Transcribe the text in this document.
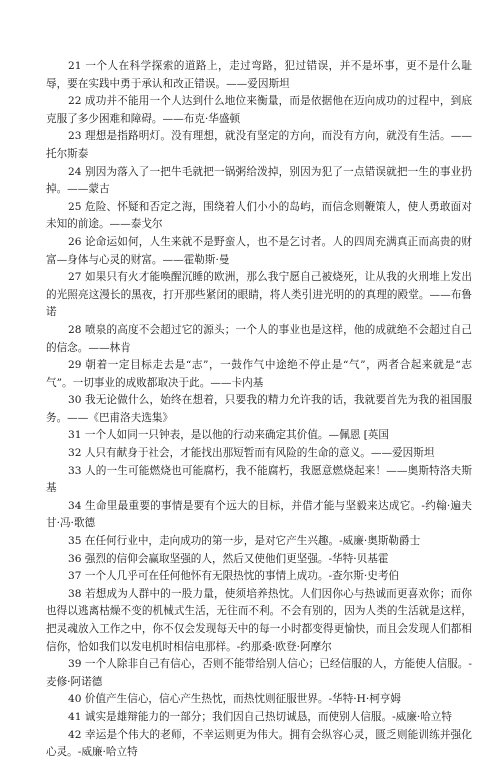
21 一个人在科学探索的道路上，走过弯路，犯过错误，并不是坏事，更不是什么耻辱，要在实践中勇于承认和改正错误。——爱因斯坦

22 成功并不能用一个人达到什么地位来衡量，而是依据他在迈向成功的过程中，到底克服了多少困难和障碍。——布克·华盛顿

23 理想是指路明灯。没有理想，就没有坚定的方向，而没有方向，就没有生活。——托尔斯泰

24 别因为落入了一把牛毛就把一锅粥给泼掉，别因为犯了一点错误就把一生的事业扔掉。——蒙古

25 危险、怀疑和否定之海，围绕着人们小小的岛屿，而信念则鞭策人，使人勇敢面对未知的前途。——泰戈尔

26 论命运如何，人生来就不是野蛮人，也不是乞讨者。人的四周充满真正而高贵的财富—身体与心灵的财富。——霍勒斯·曼

27 如果只有火才能唤醒沉睡的欧洲，那么我宁愿自己被烧死，让从我的火刑堆上发出的光照亮这漫长的黑夜，打开那些紧闭的眼睛，将人类引进光明的的真理的殿堂。——布鲁诺

28 喷泉的高度不会超过它的源头；一个人的事业也是这样，他的成就绝不会超过自己的信念。——林肯

29 朝着一定目标走去是“志”，一鼓作气中途绝不停止是“气”，两者合起来就是“志气”。一切事业的成败都取决于此。——卡内基

30 我无论做什么，始终在想着，只要我的精力允许我的话，我就要首先为我的祖国服务。——《巴甫洛夫选集》

31 一个人如同一只钟表，是以他的行动来确定其价值。—佩恩 [英国

32 人只有献身于社会，才能找出那短暂而有风险的生命的意义。——爱因斯坦

33 人的一生可能燃烧也可能腐朽，我不能腐朽，我愿意燃烧起来！——奥斯特洛夫斯基

34 生命里最重要的事情是要有个远大的目标，并借才能与坚毅来达成它。-约翰·遍夫甘·冯·歌德

35 在任何行业中，走向成功的第一步，是对它产生兴趣。-威廉·奥斯勒爵士

36 强烈的信仰会赢取坚强的人，然后又使他们更坚强。-华特·贝基霍

37 一个人几乎可在任何他怀有无限热忱的事情上成功。-查尔斯·史考伯

38 若想成为人群中的一股力量，使须培养热忱。人们因你心与热诚而更喜欢你；而你也得以逃离枯燥不变的机械式生活，无往而不利。不会有别的，因为人类的生活就是这样，把灵魂放入工作之中，你不仅会发现每天中的每一小时都变得更愉快，而且会发现人们都相信你，恰如我们以发电机时相信电那样。-约那桑·欧登·阿摩尔

39 一个人除非自己有信心，否则不能带给别人信心；已经信服的人，方能使人信服。-麦修·阿诺德

40 价值产生信心，信心产生热忱，而热忱则征服世界。-华特·H·柯亨姆

41 诚实是雄辩能力的一部分；我们因自己热切诚恳，而使别人信服。-威廉·哈立特

42 幸运是个伟大的老师，不幸运则更为伟大。拥有会纵容心灵，匮乏则能训练并强化心灵。-威廉·哈立特
